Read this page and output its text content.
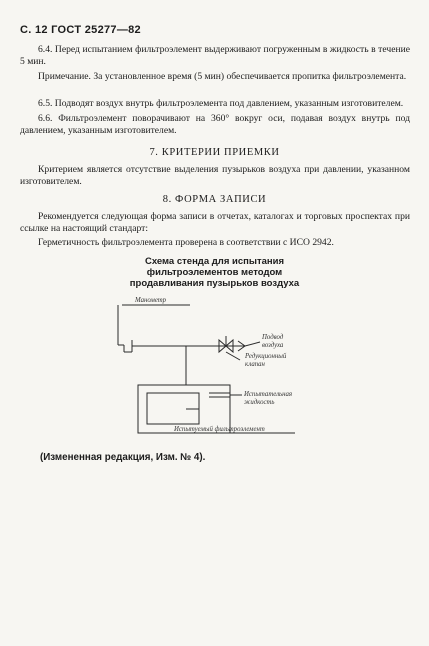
С. 12 ГОСТ 25277—82

6.4. Перед испытанием фильтроэлемент выдерживают погруженным в жидкость в течение 5 мин.

Примечание. За установленное время (5 мин) обеспечивается пропитка фильтроэлемента.

6.5. Подводят воздух внутрь фильтроэлемента под давлением, указанным изготовителем.

6.6. Фильтроэлемент поворачивают на 360° вокруг оси, подавая воздух внутрь под давлением, указанным изготовителем.

7. КРИТЕРИИ ПРИЕМКИ

Критерием является отсутствие выделения пузырьков воздуха при давлении, указанном изготовителем.

8. ФОРМА ЗАПИСИ

Рекомендуется следующая форма записи в отчетах, каталогах и торговых проспектах при ссылке на настоящий стандарт:

Герметичность фильтроэлемента проверена в соответствии с ИСО 2942.

Схема стенда для испытания
фильтроэлементов методом
продавливания пузырьков воздуха
Манометр
Подвод
воздуха
Редукционный
клапан
Испытательная
жидкость
Испытуемый фильтроэлемент
(Измененная редакция, Изм. № 4).
